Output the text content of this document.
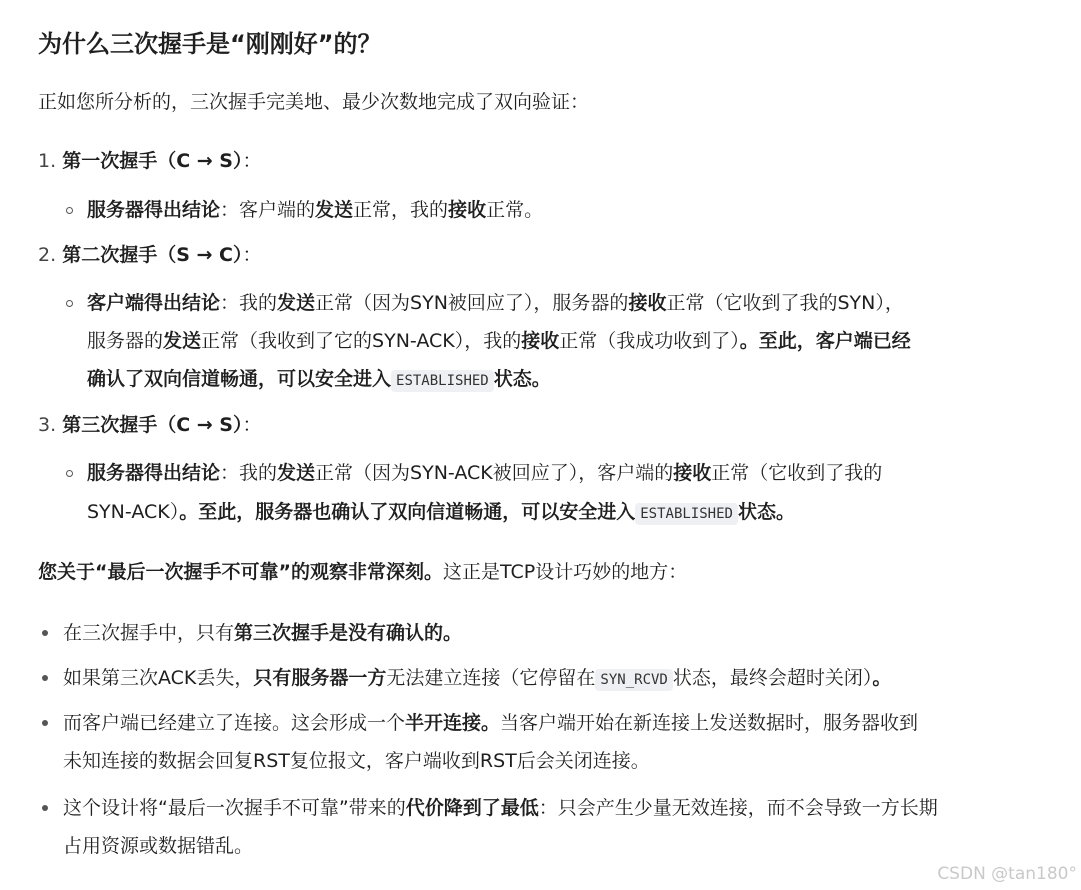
为什么三次握手是“刚刚好”的？
正如您所分析的，三次握手完美地、最少次数地完成了双向验证：
1. 第一次握手（C → S）：
服务器得出结论：客户端的发送正常，我的接收正常。
2. 第二次握手（S → C）：
客户端得出结论：我的发送正常（因为SYN被回应了），服务器的接收正常（它收到了我的SYN），
服务器的发送正常（我收到了它的SYN-ACK），我的接收正常（我成功收到了）。至此，客户端已经
确认了双向信道畅通，可以安全进入 ESTABLISHED 状态。
3. 第三次握手（C → S）：
服务器得出结论：我的发送正常（因为SYN-ACK被回应了），客户端的接收正常（它收到了我的
SYN-ACK）。至此，服务器也确认了双向信道畅通，可以安全进入 ESTABLISHED 状态。
您关于“最后一次握手不可靠”的观察非常深刻。这正是TCP设计巧妙的地方：
在三次握手中，只有第三次握手是没有确认的。
如果第三次ACK丢失，只有服务器一方无法建立连接（它停留在 SYN_RCVD 状态，最终会超时关闭）。
而客户端已经建立了连接。这会形成一个半开连接。当客户端开始在新连接上发送数据时，服务器收到
未知连接的数据会回复RST复位报文，客户端收到RST后会关闭连接。
这个设计将“最后一次握手不可靠”带来的代价降到了最低：只会产生少量无效连接，而不会导致一方长期
占用资源或数据错乱。
CSDN @tan180°
